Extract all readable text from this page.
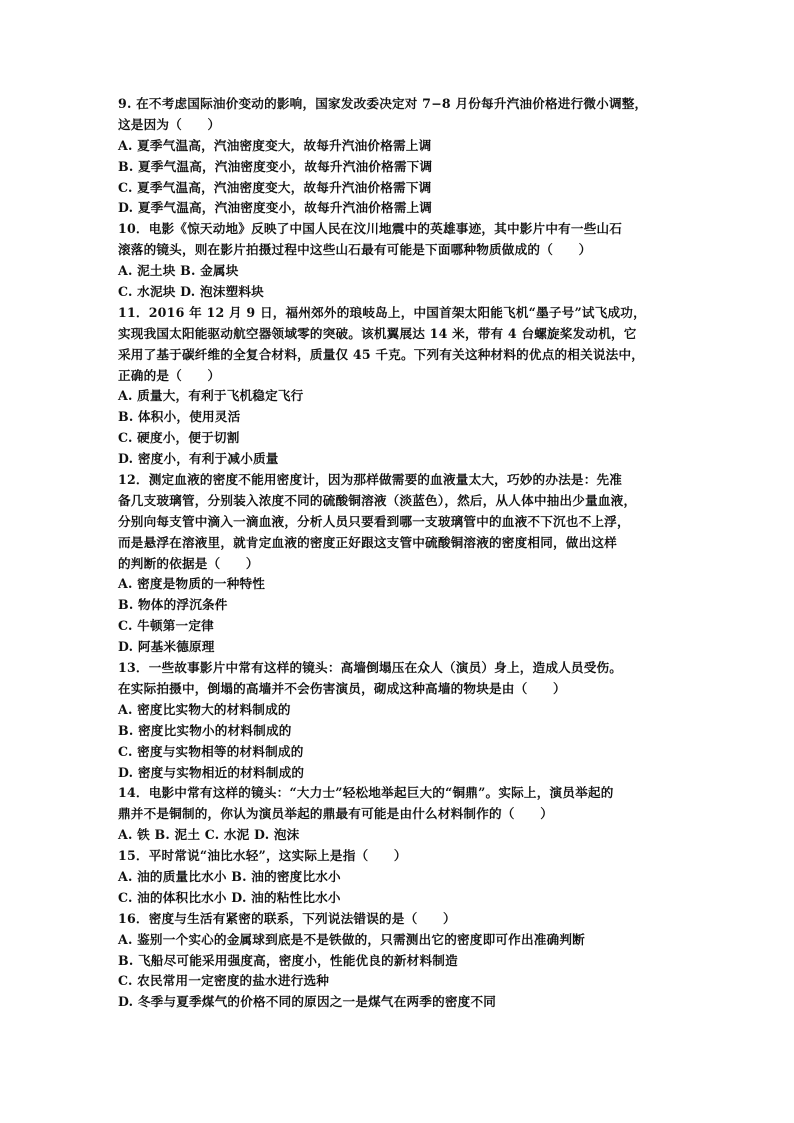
9. 在不考虑国际油价变动的影响，国家发改委决定对 7−8 月份每升汽油价格进行微小调整，
这是因为（　　）
A. 夏季气温高，汽油密度变大，故每升汽油价格需上调
B. 夏季气温高，汽油密度变小，故每升汽油价格需下调
C. 夏季气温高，汽油密度变大，故每升汽油价格需下调
D. 夏季气温高，汽油密度变小，故每升汽油价格需上调
10．电影《惊天动地》反映了中国人民在汶川地震中的英雄事迹，其中影片中有一些山石
滚落的镜头，则在影片拍摄过程中这些山石最有可能是下面哪种物质做成的（　　）
A. 泥土块 B. 金属块
C. 水泥块 D. 泡沫塑料块
11．2016 年 12 月 9 日，福州郊外的琅岐岛上，中国首架太阳能飞机“墨子号”试飞成功，
实现我国太阳能驱动航空器领域零的突破。该机翼展达 14 米，带有 4 台螺旋桨发动机，它
采用了基于碳纤维的全复合材料，质量仅 45 千克。下列有关这种材料的优点的相关说法中，
正确的是（　　）
A. 质量大，有利于飞机稳定飞行
B. 体积小，使用灵活
C. 硬度小，便于切割
D. 密度小，有利于减小质量
12．测定血液的密度不能用密度计，因为那样做需要的血液量太大，巧妙的办法是：先准
备几支玻璃管，分别装入浓度不同的硫酸铜溶液（淡蓝色），然后，从人体中抽出少量血液，
分别向每支管中滴入一滴血液，分析人员只要看到哪一支玻璃管中的血液不下沉也不上浮，
而是悬浮在溶液里，就肯定血液的密度正好跟这支管中硫酸铜溶液的密度相同，做出这样
的判断的依据是（　　）
A. 密度是物质的一种特性
B. 物体的浮沉条件
C. 牛顿第一定律
D. 阿基米德原理
13．一些故事影片中常有这样的镜头：高墙倒塌压在众人（演员）身上，造成人员受伤。
在实际拍摄中，倒塌的高墙并不会伤害演员，砌成这种高墙的物块是由（　　）
A. 密度比实物大的材料制成的
B. 密度比实物小的材料制成的
C. 密度与实物相等的材料制成的
D. 密度与实物相近的材料制成的
14．电影中常有这样的镜头：“大力士”轻松地举起巨大的“铜鼎”。实际上，演员举起的
鼎并不是铜制的，你认为演员举起的鼎最有可能是由什么材料制作的（　　）
A. 铁 B. 泥土 C. 水泥 D. 泡沫
15．平时常说“油比水轻”，这实际上是指（　　）
A. 油的质量比水小 B. 油的密度比水小
C. 油的体积比水小 D. 油的粘性比水小
16．密度与生活有紧密的联系，下列说法错误的是（　　）
A. 鉴别一个实心的金属球到底是不是铁做的，只需测出它的密度即可作出准确判断
B. 飞船尽可能采用强度高，密度小，性能优良的新材料制造
C. 农民常用一定密度的盐水进行选种
D. 冬季与夏季煤气的价格不同的原因之一是煤气在两季的密度不同
